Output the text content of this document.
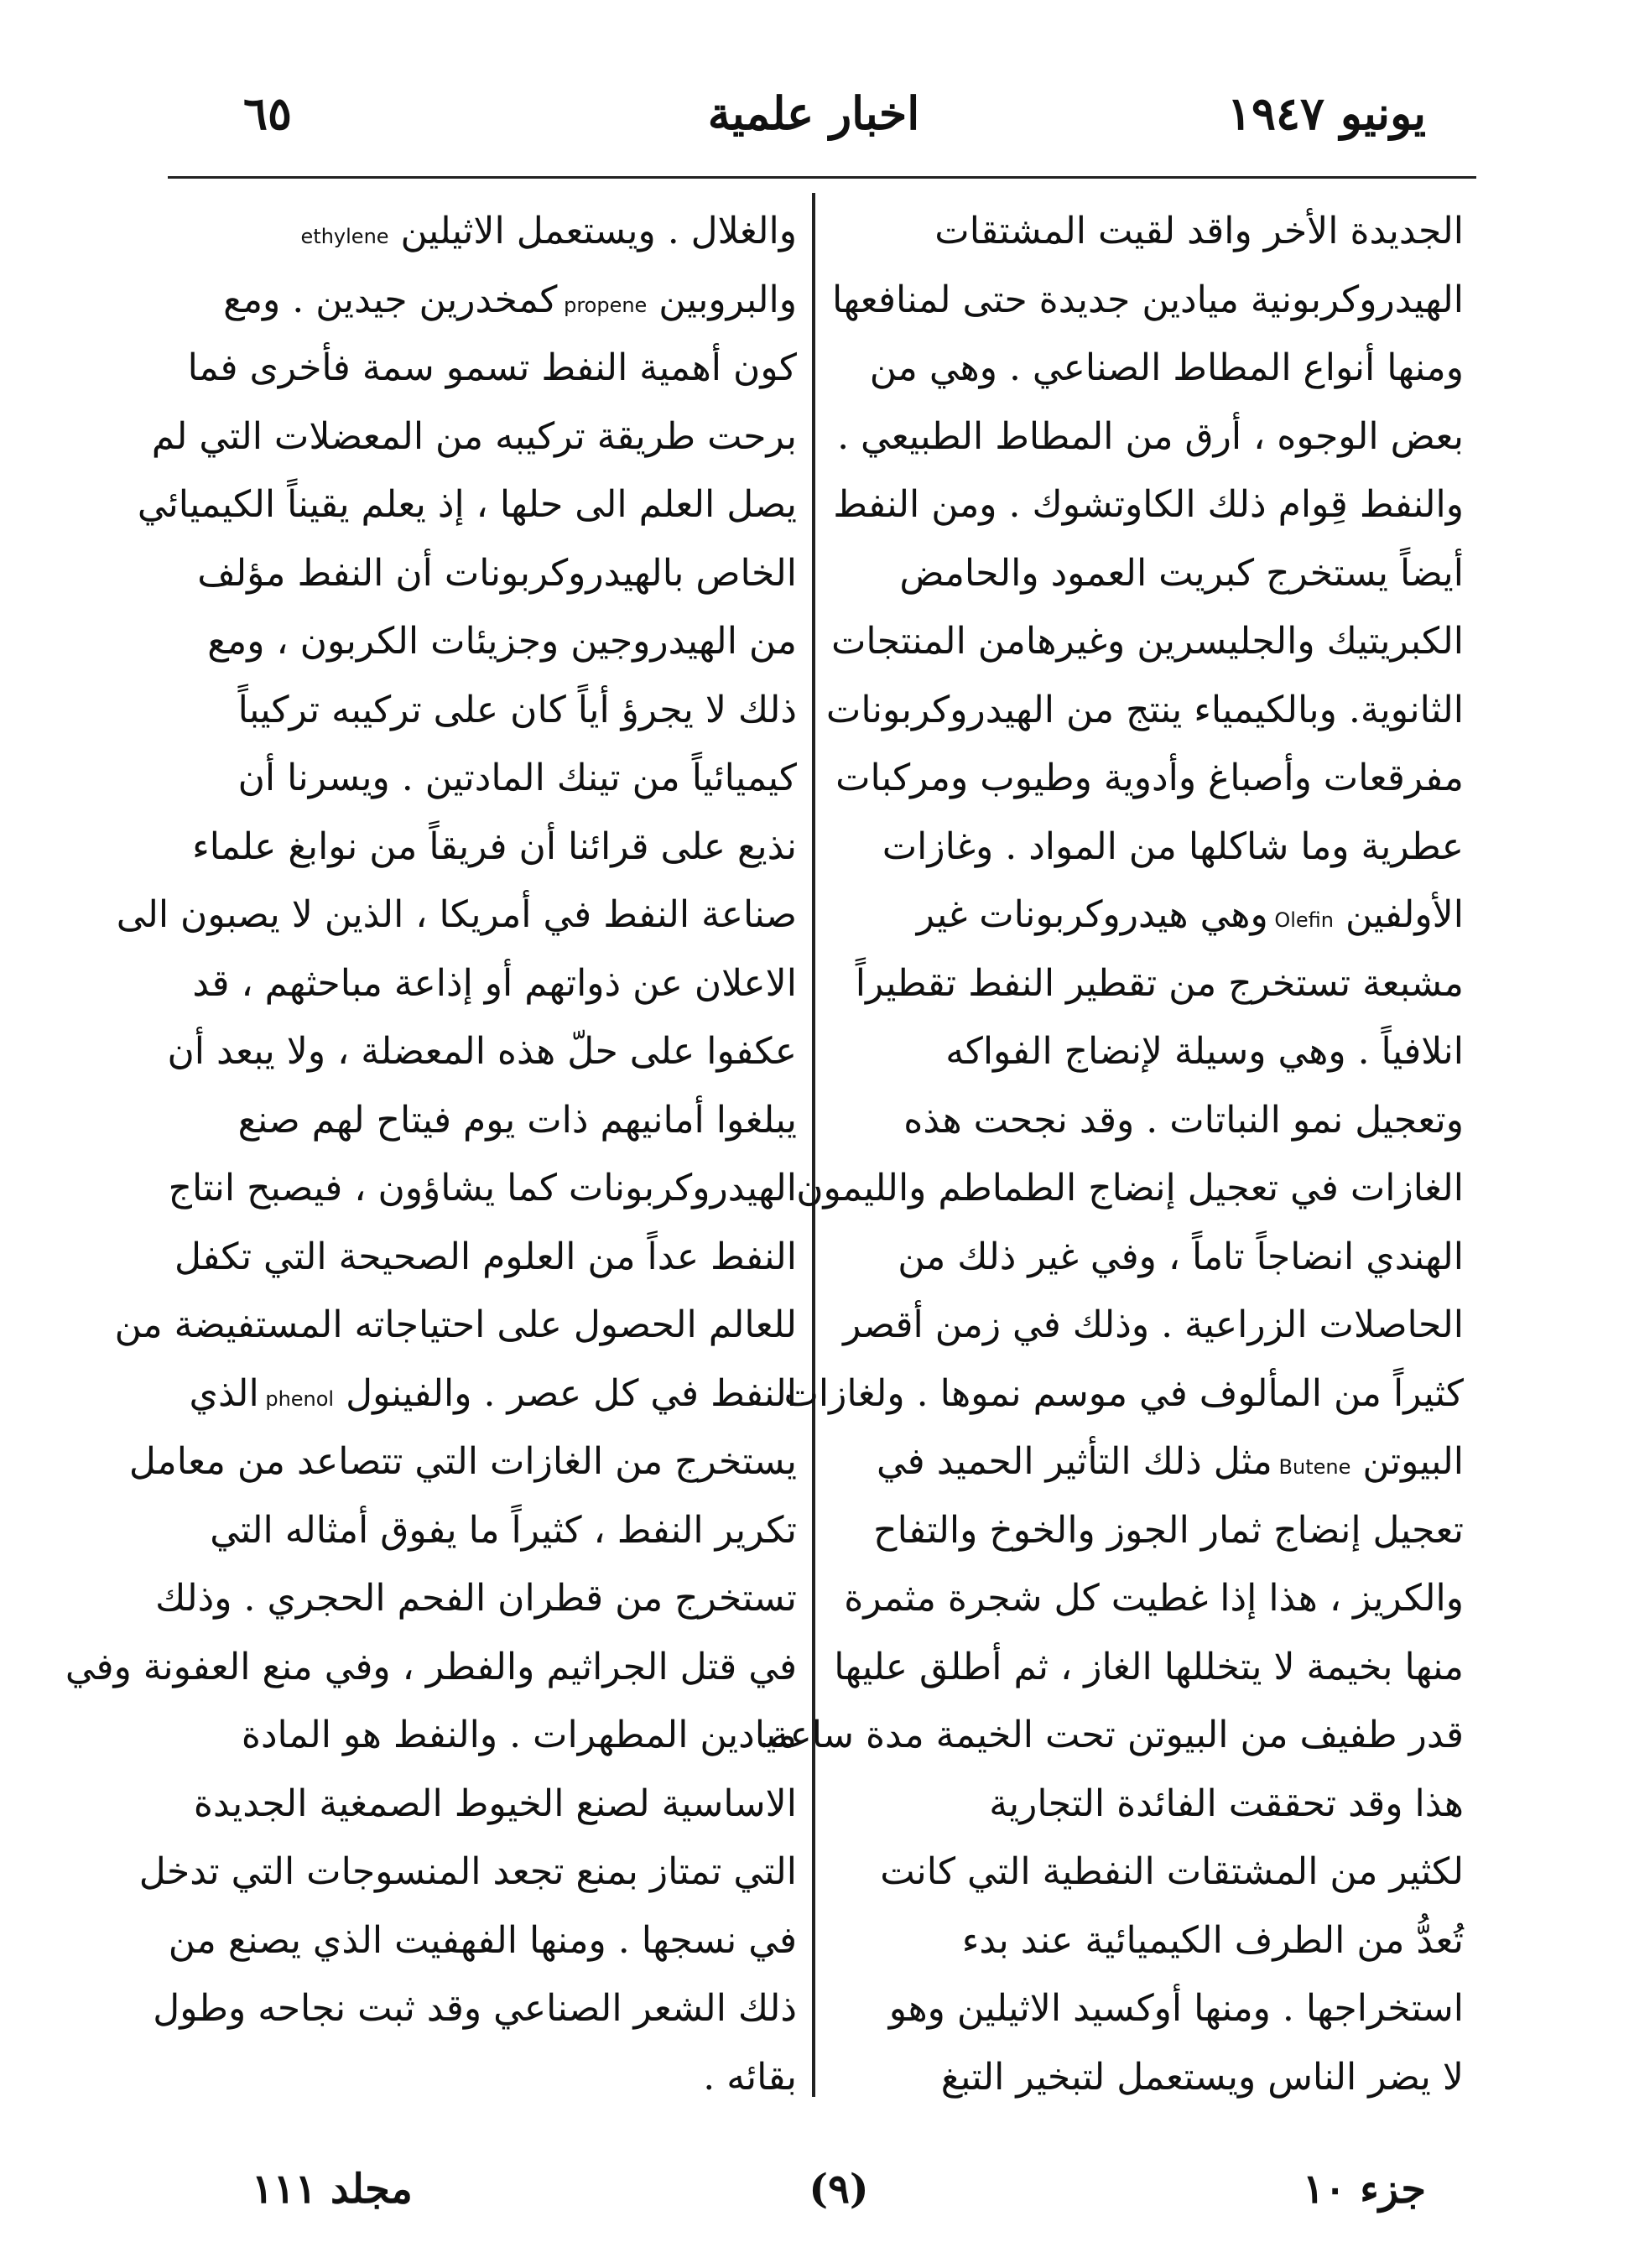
يونيو ١٩٤٧
اخبار علمية
٦٥
الجديدة الأخر واقد لقيت المشتقات
الهيدروكربونية ميادين جديدة حتى لمنافعها
ومنها أنواع المطاط الصناعي . وهي من
بعض الوجوه ، أرق من المطاط الطبيعي .
والنفط قِوام ذلك الكاوتشوك . ومن النفط
أيضاً يستخرج كبريت العمود والحامض
الكبريتيك والجليسرين وغيرهامن المنتجات
الثانوية. وبالكيمياء ينتج من الهيدروكربونات
مفرقعات وأصباغ وأدوية وطيوب ومركبات
عطرية وما شاكلها من المواد . وغازات
الأولفين Olefin وهي هيدروكربونات غير
مشبعة تستخرج من تقطير النفط تقطيراً
انلافياً . وهي وسيلة لإنضاج الفواكه
وتعجيل نمو النباتات . وقد نجحت هذه
الغازات في تعجيل إنضاج الطماطم والليمون
الهندي انضاجاً تاماً ، وفي غير ذلك من
الحاصلات الزراعية . وذلك في زمن أقصر
كثيراً من المألوف في موسم نموها . ولغازات
البيوتن Butene مثل ذلك التأثير الحميد في
تعجيل إنضاج ثمار الجوز والخوخ والتفاح
والكريز ، هذا إذا غطيت كل شجرة مثمرة
منها بخيمة لا يتخللها الغاز ، ثم أطلق عليها
قدر طفيف من البيوتن تحت الخيمة مدة ساعة.
هذا وقد تحققت الفائدة التجارية
لكثير من المشتقات النفطية التي كانت
تُعدُّ من الطرف الكيميائية عند بدء
استخراجها . ومنها أوكسيد الاثيلين وهو
لا يضر الناس ويستعمل لتبخير التبغ
والغلال . ويستعمل الاثيلين ethylene
والبروبين propene كمخدرين جيدين . ومع
كون أهمية النفط تسمو سمة فأخرى فما
برحت طريقة تركيبه من المعضلات التي لم
يصل العلم الى حلها ، إذ يعلم يقيناً الكيميائي
الخاص بالهيدروكربونات أن النفط مؤلف
من الهيدروجين وجزيئات الكربون ، ومع
ذلك لا يجرؤ أياً كان على تركيبه تركيباً
كيميائياً من تينك المادتين . ويسرنا أن
نذيع على قرائنا أن فريقاً من نوابغ علماء
صناعة النفط في أمريكا ، الذين لا يصبون الى
الاعلان عن ذواتهم أو إذاعة مباحثهم ، قد
عكفوا على حلّ هذه المعضلة ، ولا يبعد أن
يبلغوا أمانيهم ذات يوم فيتاح لهم صنع
الهيدروكربونات كما يشاؤون ، فيصبح انتاج
النفط عداً من العلوم الصحيحة التي تكفل
للعالم الحصول على احتياجاته المستفيضة من
النفط في كل عصر . والفينول phenol الذي
يستخرج من الغازات التي تتصاعد من معامل
تكرير النفط ، كثيراً ما يفوق أمثاله التي
تستخرج من قطران الفحم الحجري . وذلك
في قتل الجراثيم والفطر ، وفي منع العفونة وفي
ميادين المطهرات . والنفط هو المادة
الاساسية لصنع الخيوط الصمغية الجديدة
التي تمتاز بمنع تجعد المنسوجات التي تدخل
في نسجها . ومنها الفهفيت الذي يصنع من
ذلك الشعر الصناعي وقد ثبت نجاحه وطول
بقائه .
جزء ١٠
(٩)
مجلد ١١١
